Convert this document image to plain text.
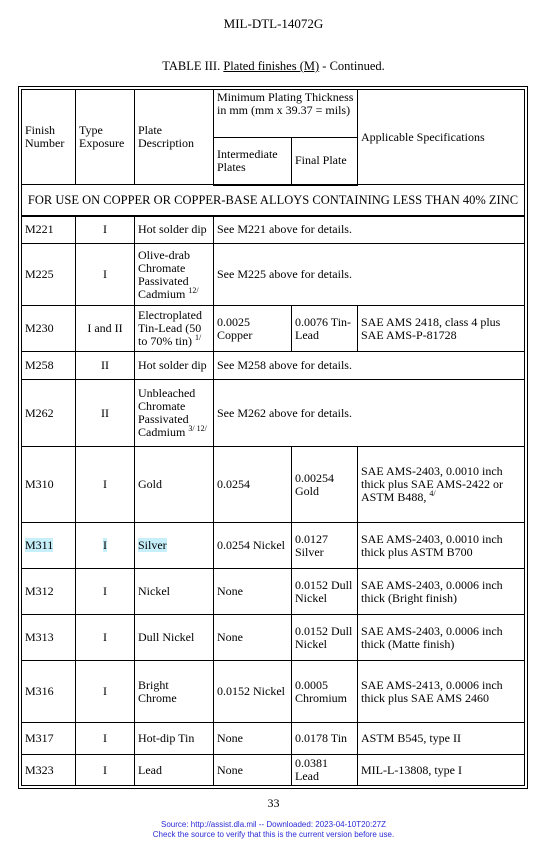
MIL-DTL-14072G
TABLE III. Plated finishes (M) - Continued.
Finish Number	Type Exposure	Plate Description	Minimum Plating Thickness in mm (mm x 39.37 = mils)		Applicable Specifications
			Intermediate Plates	Final Plate	
FOR USE ON COPPER OR COPPER-BASE ALLOYS CONTAINING LESS THAN 40% ZINC					
M221	I	Hot solder dip	See M221 above for details.		
M225	I	Olive-drab Chromate Passivated Cadmium $^{12/}$	See M225 above for details.		
M230	I and II	Electroplated Tin-Lead (50 to 70% tin) $^{1/}$	0.0025 Copper	0.0076 Tin-Lead	SAE AMS 2418, class 4 plus SAE AMS-P-81728
M258	II	Hot solder dip	See M258 above for details.		
M262	II	Unbleached Chromate Passivated Cadmium $^{3/ 12/}$	See M262 above for details.		
M310	I	Gold	0.0254	0.00254 Gold	SAE AMS-2403, 0.0010 inch thick plus SAE AMS-2422 or ASTM B488, $^{4/}$
M311	I	Silver	0.0254 Nickel	0.0127 Silver	SAE AMS-2403, 0.0010 inch thick plus ASTM B700
M312	I	Nickel	None	0.0152 Dull Nickel	SAE AMS-2403, 0.0006 inch thick (Bright finish)
M313	I	Dull Nickel	None	0.0152 Dull Nickel	SAE AMS-2403, 0.0006 inch thick (Matte finish)
M316	I	Bright Chrome	0.0152 Nickel	0.0005 Chromium	SAE AMS-2413, 0.0006 inch thick plus SAE AMS 2460
M317	I	Hot-dip Tin	None	0.0178 Tin	ASTM B545, type II
M323	I	Lead	None	0.0381 Lead	MIL-L-13808, type I
33
Source: http://assist.dla.mil -- Downloaded: 2023-04-10T20:27Z
Check the source to verify that this is the current version before use.
